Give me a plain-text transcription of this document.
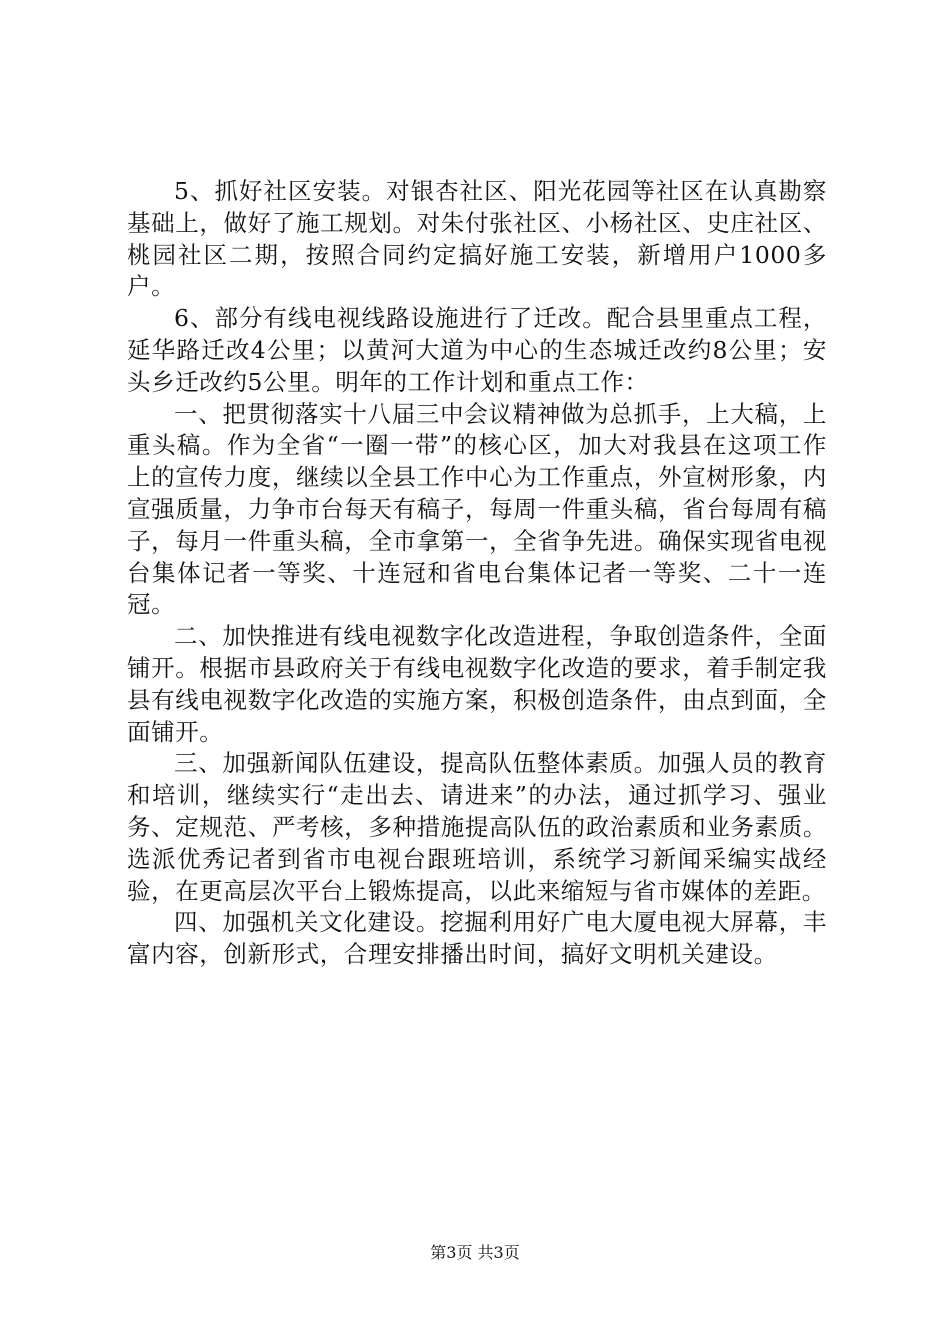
5、抓好社区安装。对银杏社区、阳光花园等社区在认真勘察基础上，做好了施工规划。对朱付张社区、小杨社区、史庄社区、桃园社区二期，按照合同约定搞好施工安装，新增用户1000多户。

6、部分有线电视线路设施进行了迁改。配合县里重点工程，延华路迁改4公里；以黄河大道为中心的生态城迁改约8公里；安头乡迁改约5公里。明年的工作计划和重点工作：

一、把贯彻落实十八届三中会议精神做为总抓手，上大稿，上重头稿。作为全省“一圈一带”的核心区，加大对我县在这项工作上的宣传力度，继续以全县工作中心为工作重点，外宣树形象，内宣强质量，力争市台每天有稿子，每周一件重头稿，省台每周有稿子，每月一件重头稿，全市拿第一，全省争先进。确保实现省电视台集体记者一等奖、十连冠和省电台集体记者一等奖、二十一连冠。

二、加快推进有线电视数字化改造进程，争取创造条件，全面铺开。根据市县政府关于有线电视数字化改造的要求，着手制定我县有线电视数字化改造的实施方案，积极创造条件，由点到面，全面铺开。

三、加强新闻队伍建设，提高队伍整体素质。加强人员的教育和培训，继续实行“走出去、请进来”的办法，通过抓学习、强业务、定规范、严考核，多种措施提高队伍的政治素质和业务素质。选派优秀记者到省市电视台跟班培训，系统学习新闻采编实战经验，在更高层次平台上锻炼提高，以此来缩短与省市媒体的差距。

四、加强机关文化建设。挖掘利用好广电大厦电视大屏幕，丰富内容，创新形式，合理安排播出时间，搞好文明机关建设。

第3页 共3页
